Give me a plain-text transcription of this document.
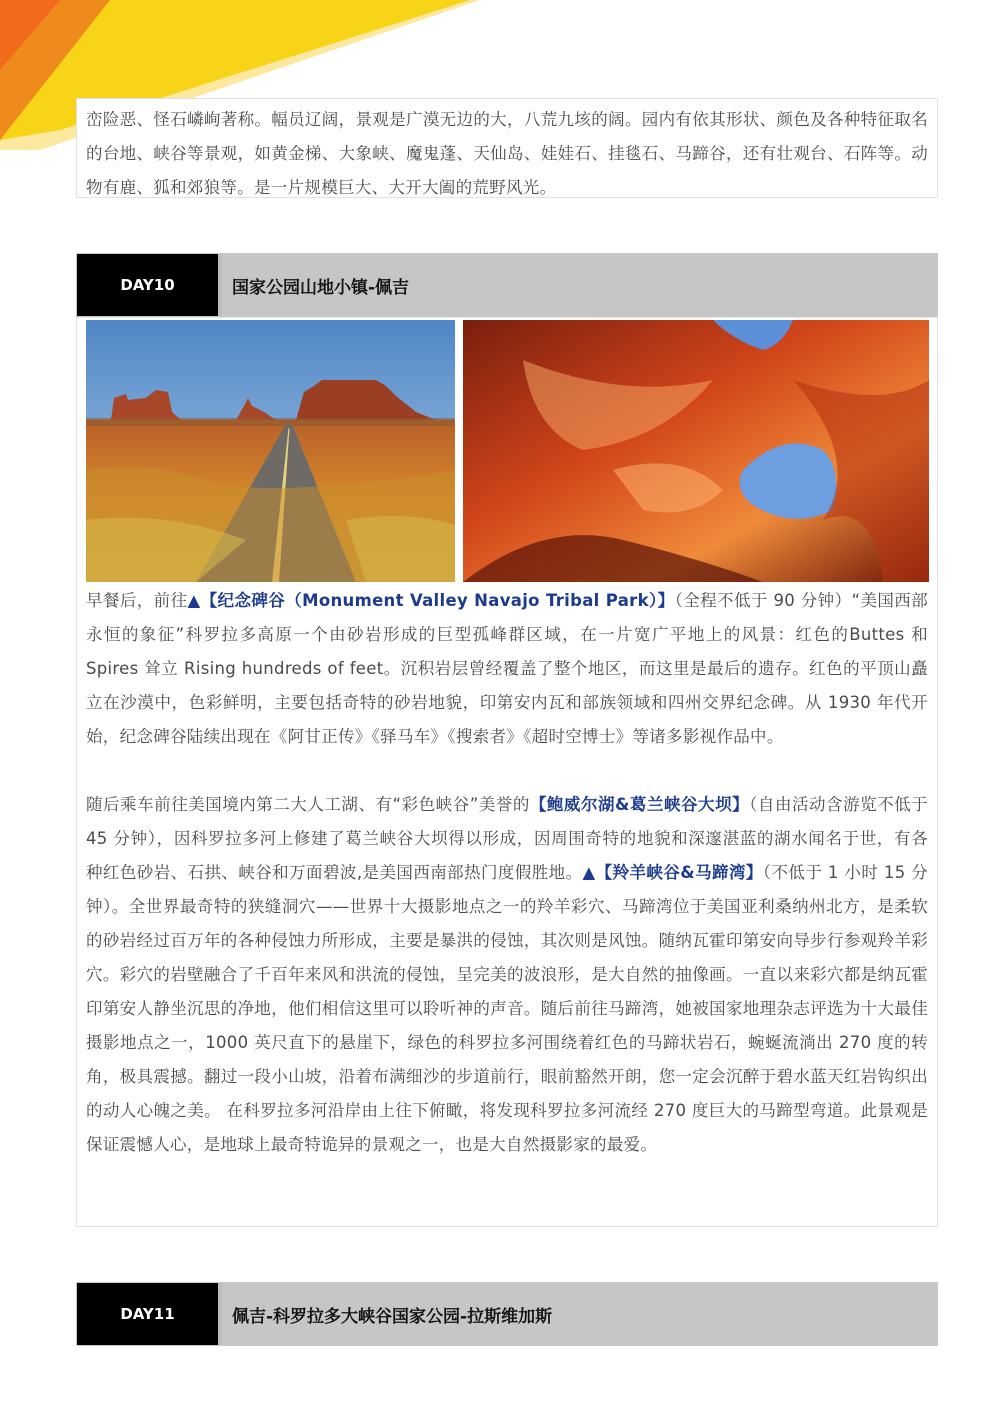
峦险恶、怪石嶙峋著称。幅员辽阔，景观是广漠无边的大，八荒九垓的阔。园内有依其形状、颜色及各种特征取名的台地、峡谷等景观，如黄金梯、大象峡、魔鬼蓬、天仙岛、娃娃石、挂毯石、马蹄谷，还有壮观台、石阵等。动物有鹿、狐和郊狼等。是一片规模巨大、大开大阖的荒野风光。

DAY10	国家公园山地小镇-佩吉

早餐后，前往▲【纪念碑谷（Monument Valley Navajo Tribal Park）】（全程不低于 90 分钟）“美国西部永恒的象征”科罗拉多高原一个由砂岩形成的巨型孤峰群区域，在一片宽广平地上的风景：红色的Buttes 和 Spires 耸立 Rising hundreds of feet。沉积岩层曾经覆盖了整个地区，而这里是最后的遗存。红色的平顶山矗立在沙漠中，色彩鲜明，主要包括奇特的砂岩地貌，印第安内瓦和部族领域和四州交界纪念碑。从 1930 年代开始，纪念碑谷陆续出现在《阿甘正传》《驿马车》《搜索者》《超时空博士》等诸多影视作品中。

随后乘车前往美国境内第二大人工湖、有“彩色峡谷”美誉的【鲍威尔湖&葛兰峡谷大坝】（自由活动含游览不低于 45 分钟），因科罗拉多河上修建了葛兰峡谷大坝得以形成，因周围奇特的地貌和深邃湛蓝的湖水闻名于世，有各种红色砂岩、石拱、峡谷和万面碧波,是美国西南部热门度假胜地。▲【羚羊峡谷&马蹄湾】（不低于 1 小时 15 分钟）。全世界最奇特的狭缝洞穴——世界十大摄影地点之一的羚羊彩穴、马蹄湾位于美国亚利桑纳州北方，是柔软的砂岩经过百万年的各种侵蚀力所形成，主要是暴洪的侵蚀，其次则是风蚀。随纳瓦霍印第安向导步行参观羚羊彩穴。彩穴的岩壁融合了千百年来风和洪流的侵蚀，呈完美的波浪形，是大自然的抽像画。一直以来彩穴都是纳瓦霍印第安人静坐沉思的净地，他们相信这里可以聆听神的声音。随后前往马蹄湾，她被国家地理杂志评选为十大最佳摄影地点之一，1000 英尺直下的悬崖下，绿色的科罗拉多河围绕着红色的马蹄状岩石，蜿蜒流淌出 270 度的转角，极具震撼。翻过一段小山坡，沿着布满细沙的步道前行，眼前豁然开朗，您一定会沉醉于碧水蓝天红岩钩织出的动人心魄之美。 在科罗拉多河沿岸由上往下俯瞰，将发现科罗拉多河流经 270 度巨大的马蹄型弯道。此景观是保证震憾人心，是地球上最奇特诡异的景观之一，也是大自然摄影家的最爱。

DAY11	佩吉-科罗拉多大峡谷国家公园-拉斯维加斯
